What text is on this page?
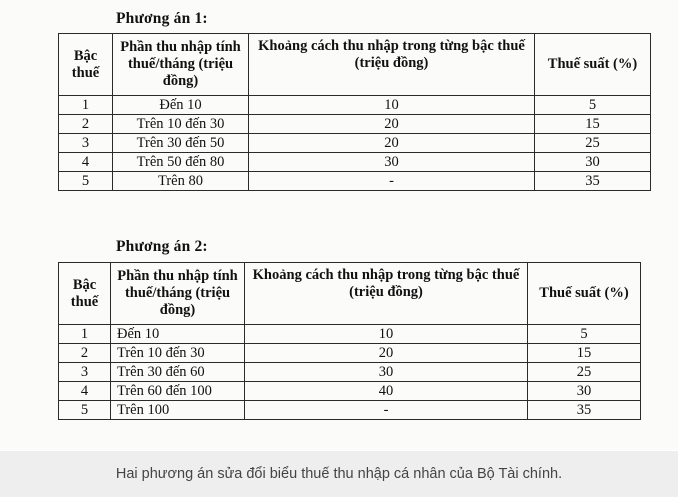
Phương án 1:
Bậc thuế	Phần thu nhập tính thuế/tháng (triệu đồng)	Khoảng cách thu nhập trong từng bậc thuế (triệu đồng)	Thuế suất (%)
1	Đến 10	10	5
2	Trên 10 đến 30	20	15
3	Trên 30 đến 50	20	25
4	Trên 50 đến 80	30	30
5	Trên 80	-	35
Phương án 2:
Bậc thuế	Phần thu nhập tính thuế/tháng (triệu đồng)	Khoảng cách thu nhập trong từng bậc thuế (triệu đồng)	Thuế suất (%)
1	Đến 10	10	5
2	Trên 10 đến 30	20	15
3	Trên 30 đến 60	30	25
4	Trên 60 đến 100	40	30
5	Trên 100	-	35
Hai phương án sửa đổi biểu thuế thu nhập cá nhân của Bộ Tài chính.
